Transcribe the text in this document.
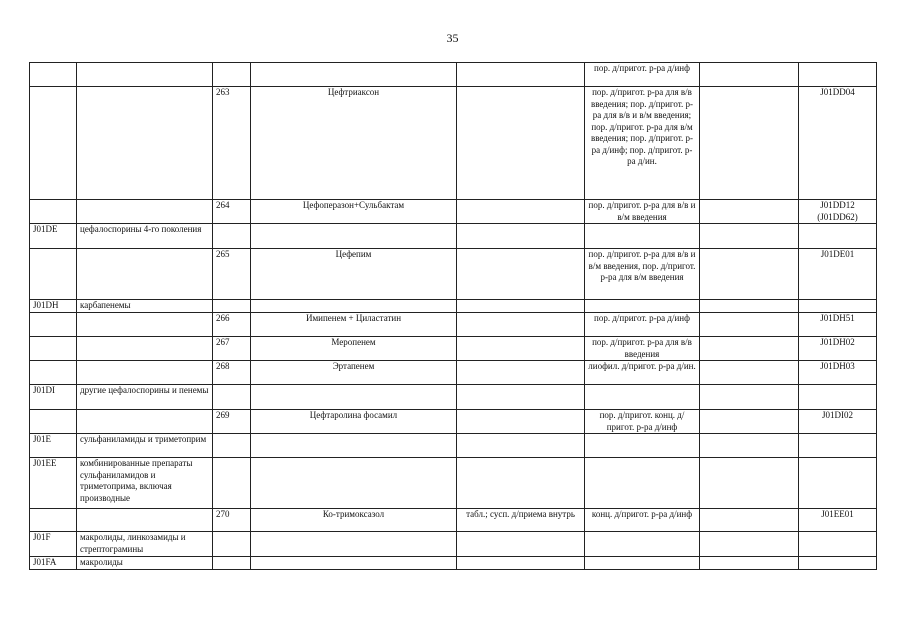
35
					пор. д/пригот. р-ра д/инф		
		263	Цефтриаксон		пор. д/пригот. р-ра для в/в введения; пор. д/пригот. р-ра для в/в и в/м введения; пор. д/пригот. р-ра для в/м введения; пор. д/пригот. р-ра д/инф; пор. д/пригот. р-ра д/ин.		J01DD04
		264	Цефоперазон+Сульбактам		пор. д/пригот. р-ра для в/в и в/м введения		J01DD12 (J01DD62)
J01DE	цефалоспорины 4-го поколения						
		265	Цефепим		пор. д/пригот. р-ра для в/в и в/м введения, пор. д/пригот. р-ра для в/м введения		J01DE01
J01DH	карбапенемы						
		266	Имипенем + Циластатин		пор. д/пригот. р-ра д/инф		J01DH51
		267	Меропенем		пор. д/пригот. р-ра для в/в введения		J01DH02
		268	Эртапенем		лиофил. д/пригот. р-ра д/ин.		J01DH03
J01DI	другие цефалоспорины и пенемы						
		269	Цефтаролина фосамил		пор. д/пригот. конц. д/пригот. р-ра д/инф		J01DI02
J01E	сульфаниламиды и триметоприм						
J01EE	комбинированные препараты сульфаниламидов и триметоприма, включая производные						
		270	Ко-тримоксазол	табл.; сусп. д/приема внутрь	конц. д/пригот. р-ра д/инф		J01EE01
J01F	макролиды, линкозамиды и стрептограмины						
J01FA	макролиды						
